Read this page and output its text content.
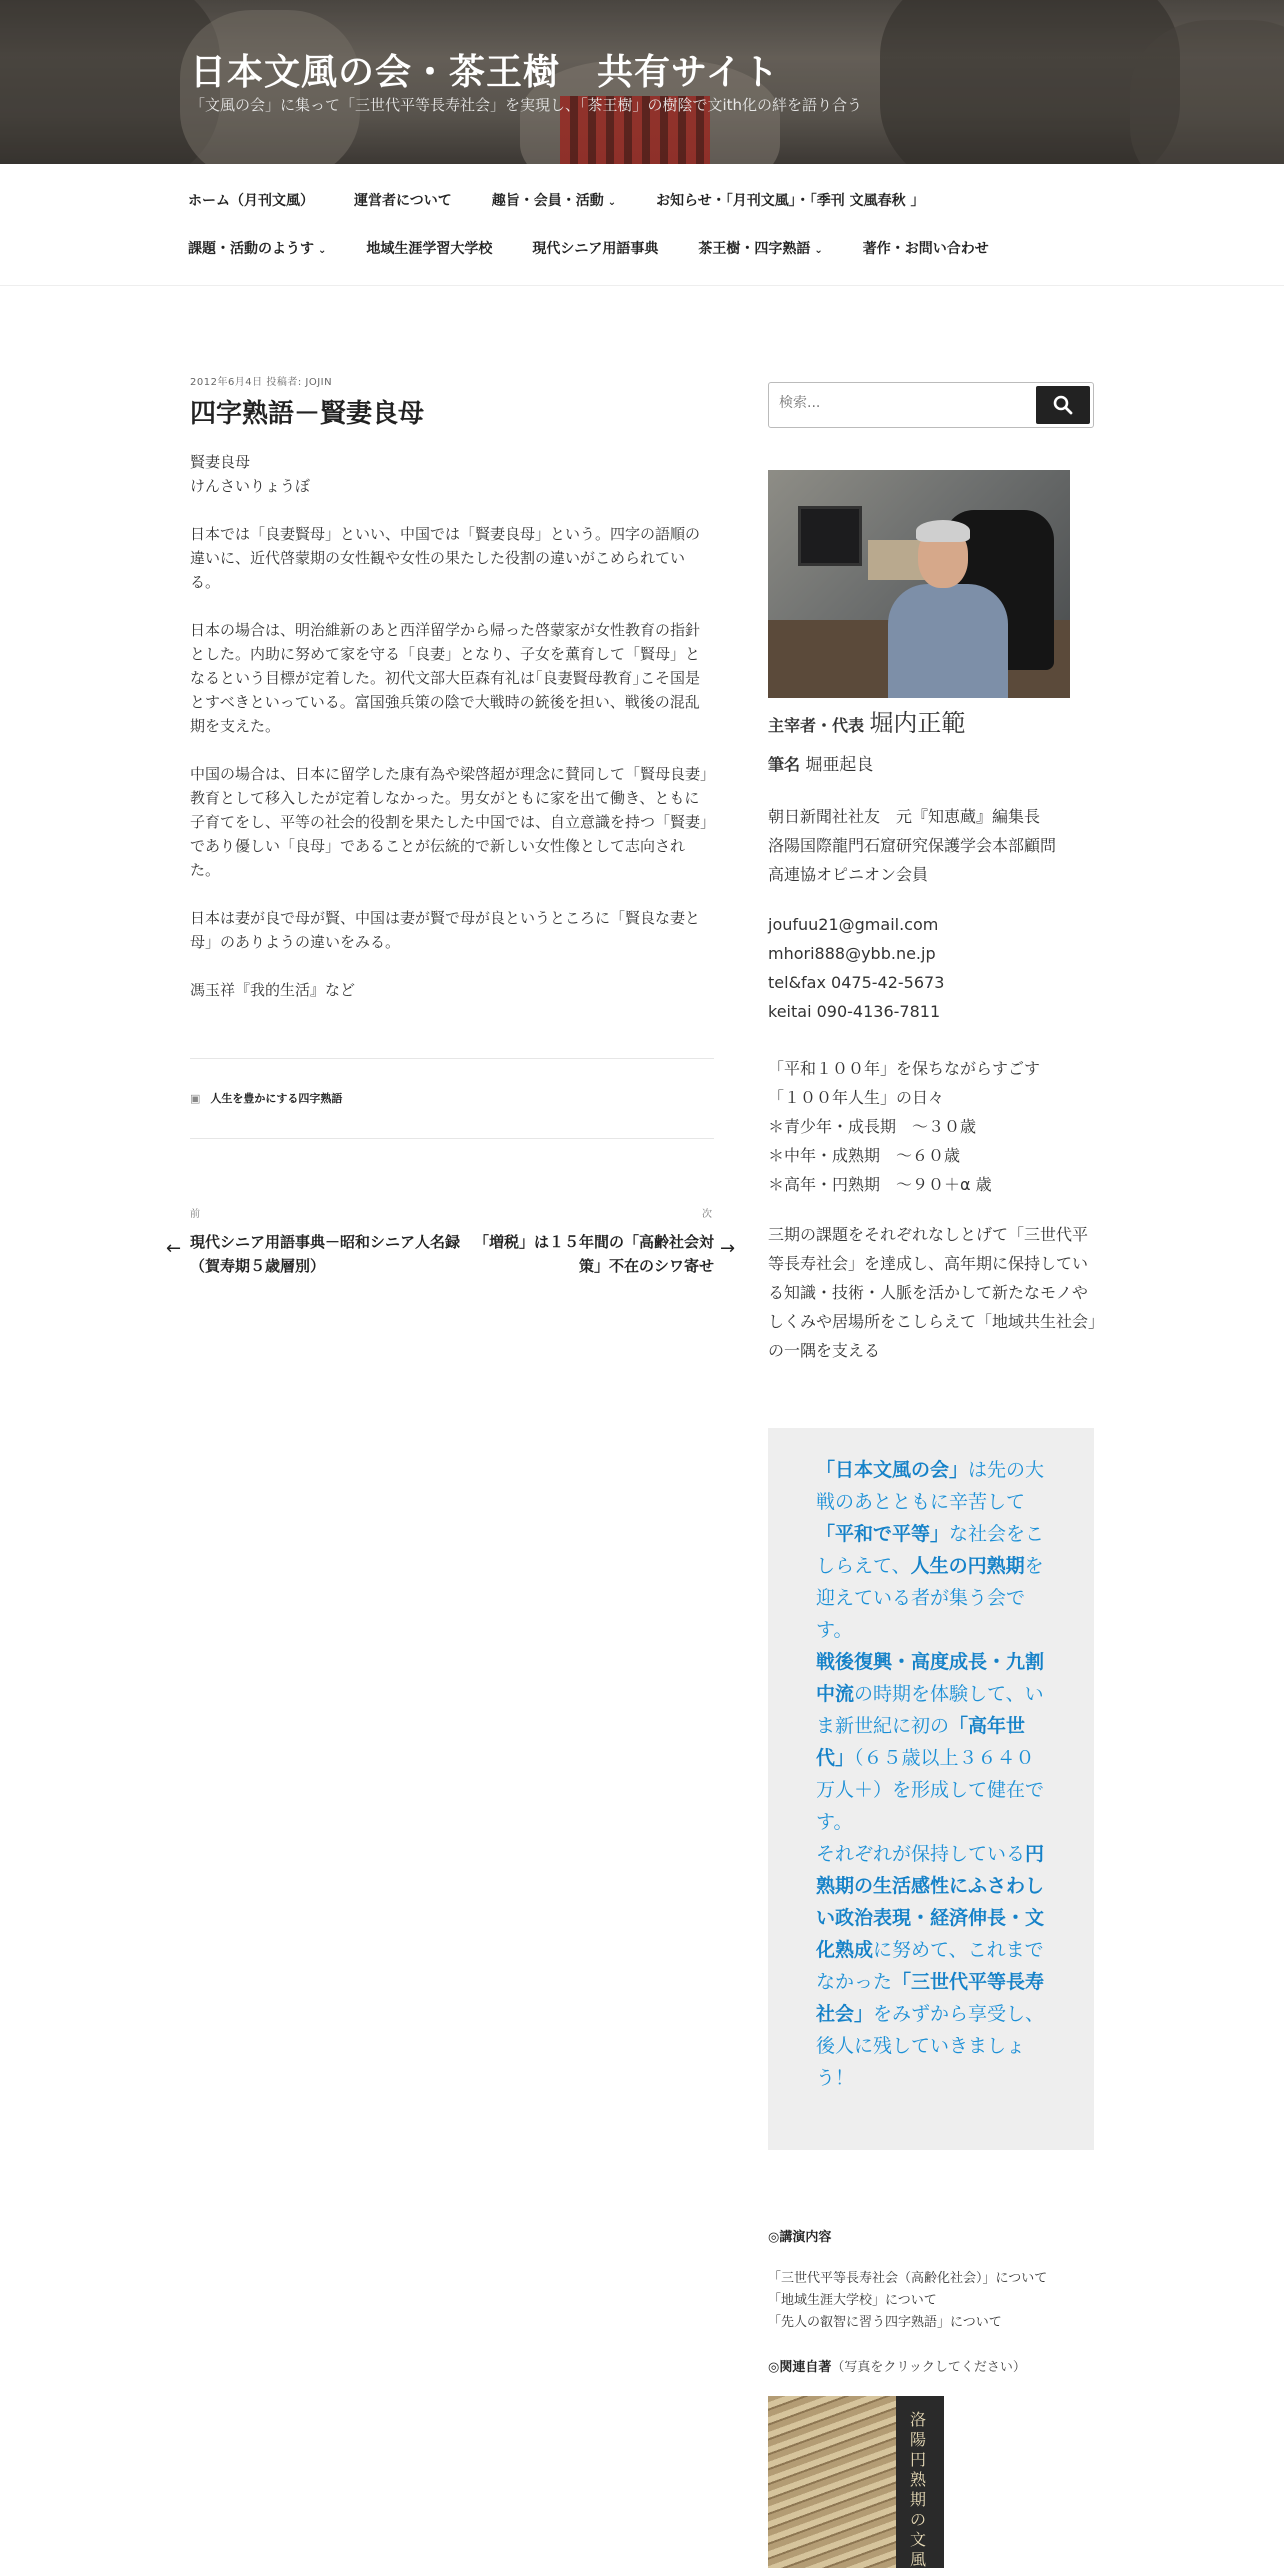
日本文風の会・茶王樹　共有サイト
「文風の会」に集って「三世代平等長寿社会」を実現し、「茶王樹」の樹陰で文ith化の絆を語り合う
ホーム（月刊文風）	運営者について	趣旨・会員・活動 ⌄	お知らせ・「月刊文風」・「季刊 文風春秋 」
課題・活動のようす ⌄	地域生涯学習大学校	現代シニア用語事典	茶王樹・四字熟語 ⌄	著作・お問い合わせ
2012年6月4日 投稿者: JOJIN
四字熟語－賢妻良母

賢妻良母
けんさいりょうぼ

日本では「良妻賢母」といい、中国では「賢妻良母」という。四字の語順の違いに、近代啓蒙期の女性観や女性の果たした役割の違いがこめられている。

日本の場合は、明治維新のあと西洋留学から帰った啓蒙家が女性教育の指針とした。内助に努めて家を守る「良妻」となり、子女を薫育して「賢母」となるという目標が定着した。初代文部大臣森有礼は｢良妻賢母教育｣こそ国是とすべきといっている。富国強兵策の陰で大戦時の銃後を担い、戦後の混乱期を支えた。

中国の場合は、日本に留学した康有為や梁啓超が理念に賛同して「賢母良妻」教育として移入したが定着しなかった。男女がともに家を出て働き、ともに子育てをし、平等の社会的役割を果たした中国では、自立意識を持つ「賢妻」であり優しい「良母」であることが伝統的で新しい女性像として志向された。

日本は妻が良で母が賢、中国は妻が賢で母が良というところに「賢良な妻と母」のありようの違いをみる。

馮玉祥『我的生活』など

▣ 人生を豊かにする四字熟語
前
← 現代シニア用語事典－昭和シニア人名録（賀寿期５歳層別）
次
「増税」は１５年間の「高齢社会対策」不在のシワ寄せ
→
検索...
主宰者・代表 堀内正範
筆名 堀亜起良
朝日新聞社社友　元『知恵蔵』編集長
洛陽国際龍門石窟研究保護学会本部顧問
高連協オピニオン会員
joufuu21@gmail.com
mhori888@ybb.ne.jp
tel&fax 0475-42-5673
keitai 090-4136-7811
「平和１００年」を保ちながらすごす
「１００年人生」の日々
＊青少年・成長期　～３０歳
＊中年・成熟期　～６０歳
＊高年・円熟期　～９０＋α 歳
三期の課題をそれぞれなしとげて「三世代平等長寿社会」を達成し、高年期に保持している知識・技術・人脈を活かして新たなモノやしくみや居場所をこしらえて「地域共生社会」の一隅を支える
「日本文風の会」は先の大戦のあとともに辛苦して「平和で平等」な社会をこしらえて、人生の円熟期を迎えている者が集う会です。
戦後復興・高度成長・九割中流の時期を体験して、いま新世紀に初の「高年世代」（６５歳以上３６４０万人＋）を形成して健在です。
それぞれが保持している円熟期の生活感性にふさわしい政治表現・経済伸長・文化熟成に努めて、これまでなかった「三世代平等長寿社会」をみずから享受し、後人に残していきましょう！
◎講演内容
「三世代平等長寿社会（高齢化社会）」について
「地域生涯大学校」について
「先人の叡智に習う四字熟語」について
◎関連自著（写真をクリックしてください）
洛陽 円熟期の文風
